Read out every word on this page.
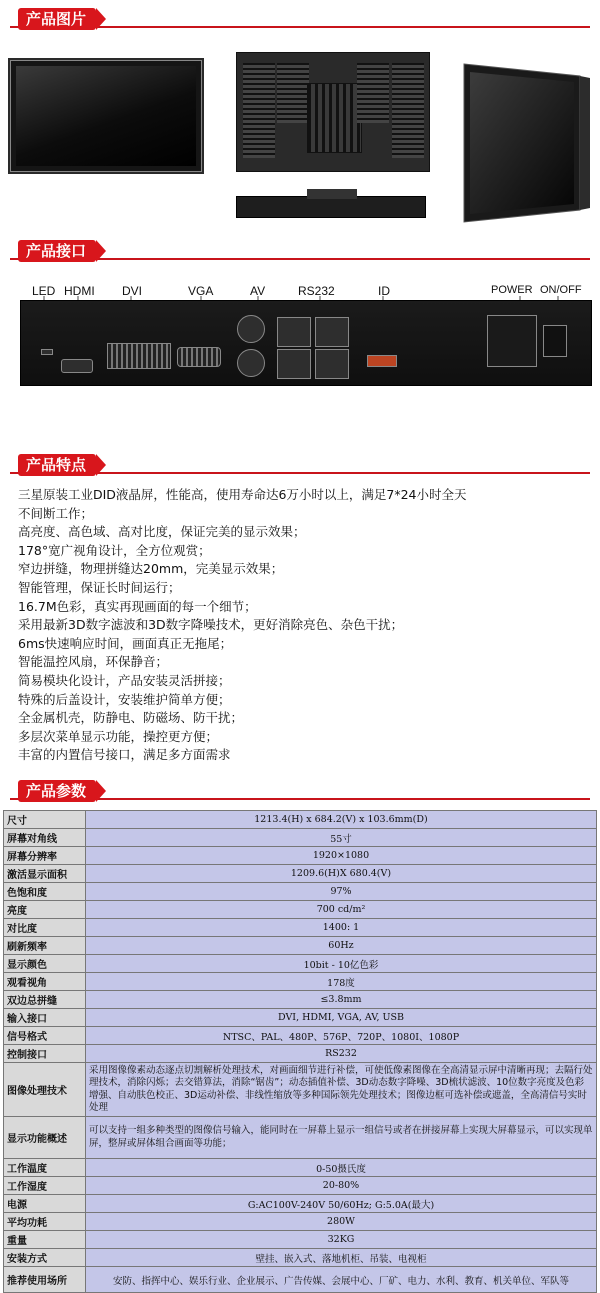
产品图片
产品接口
LED HDMI DVI	VGA	AV	RS232	ID	POWER ON/OFF
产品特点

三星原装工业DID液晶屏，性能高，使用寿命达6万小时以上，满足7*24小时全天

不间断工作；

高亮度、高色域、高对比度，保证完美的显示效果；

178°宽广视角设计，全方位观赏；

窄边拼缝，物理拼缝达20mm，完美显示效果；

智能管理，保证长时间运行；

16.7M色彩，真实再现画面的每一个细节；

采用最新3D数字滤波和3D数字降噪技术，更好消除亮色、杂色干扰；

6ms快速响应时间，画面真正无拖尾；

智能温控风扇，环保静音；

简易模块化设计，产品安装灵活拼接；

特殊的后盖设计，安装维护简单方便；

全金属机壳，防静电、防磁场、防干扰；

多层次菜单显示功能，操控更方便；

丰富的内置信号接口，满足多方面需求

产品参数
尺寸	1213.4(H) x 684.2(V) x 103.6mm(D)
屏幕对角线	55寸
屏幕分辨率	1920×1080
激活显示面积	1209.6(H)X 680.4(V)
色饱和度	97%
亮度	700 cd/m²
对比度	1400: 1
刷新频率	60Hz
显示颜色	10bit - 10亿色彩
观看视角	178度
双边总拼缝	≤3.8mm
输入接口	DVI, HDMI, VGA, AV, USB
信号格式	NTSC、PAL、480P、576P、720P、1080I、1080P
控制接口	RS232
图像处理技术	采用图像像素动态逐点切割解析处理技术，对画面细节进行补偿，可使低像素图像在全高清显示屏中清晰再现；去隔行处理技术，消除闪烁；去交错算法，消除“锯齿”；动态插值补偿、3D动态数字降噪、3D梳状滤波、10位数字亮度及色彩增强、自动肤色校正、3D运动补偿、非线性缩放等多种国际领先处理技术；图像边框可选补偿或遮盖，全高清信号实时处理
显示功能概述	可以支持一组多种类型的图像信号输入，能同时在一屏幕上显示一组信号或者在拼接屏幕上实现大屏幕显示，可以实现单屏，整屏或屏体组合画面等功能；
工作温度	0-50摄氏度
工作湿度	20-80%
电源	G:AC100V-240V 50/60Hz; G:5.0A(最大)
平均功耗	280W
重量	32KG
安装方式	壁挂、嵌入式、落地机柜、吊装、电视柜
推荐使用场所	安防、指挥中心、娱乐行业、企业展示、广告传媒、会展中心、厂矿、电力、水利、教育、机关单位、军队等
